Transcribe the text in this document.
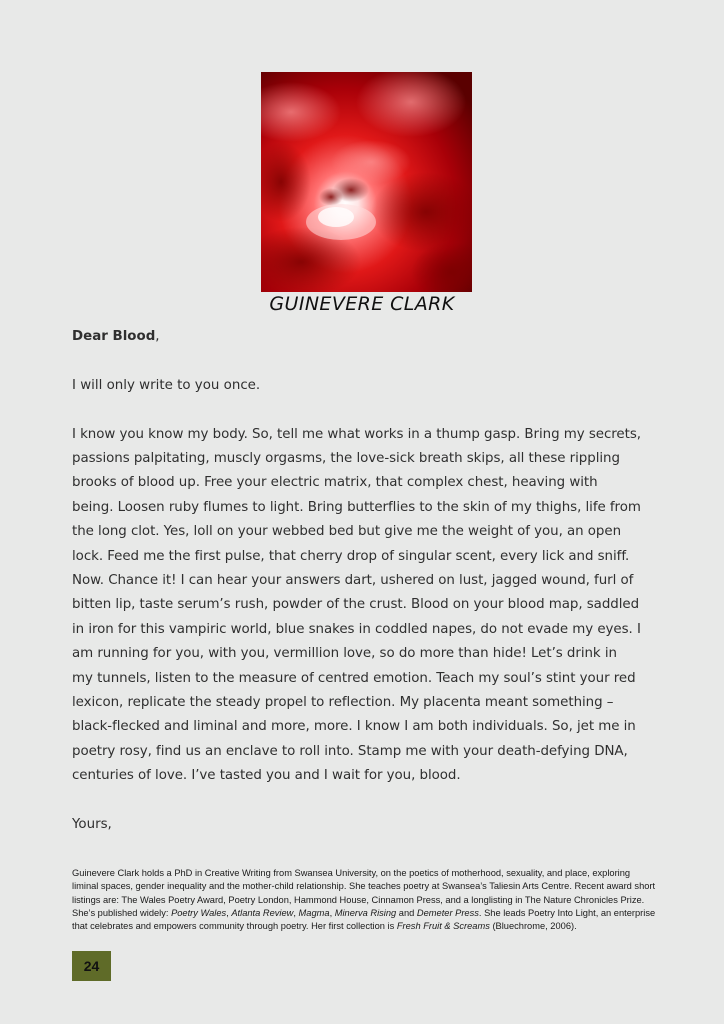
GUINEVERE CLARK

Dear Blood,

I will only write to you once.

I know you know my body. So, tell me what works in a thump gasp. Bring my secrets, passions palpitating, muscly orgasms, the love-sick breath skips, all these rippling brooks of blood up. Free your electric matrix, that complex chest, heaving with being. Loosen ruby flumes to light. Bring butterflies to the skin of my thighs, life from the long clot. Yes, loll on your webbed bed but give me the weight of you, an open lock. Feed me the first pulse, that cherry drop of singular scent, every lick and sniff. Now. Chance it! I can hear your answers dart, ushered on lust, jagged wound, furl of bitten lip, taste serum’s rush, powder of the crust. Blood on your blood map, saddled in iron for this vampiric world, blue snakes in coddled napes, do not evade my eyes. I am running for you, with you, vermillion love, so do more than hide! Let’s drink in my tunnels, listen to the measure of centred emotion. Teach my soul’s stint your red lexicon, replicate the steady propel to reflection. My placenta meant something – black-flecked and liminal and more, more. I know I am both individuals. So, jet me in poetry rosy, find us an enclave to roll into. Stamp me with your death-defying DNA, centuries of love. I’ve tasted you and I wait for you, blood.

Yours,

Guinevere Clark holds a PhD in Creative Writing from Swansea University, on the poetics of motherhood, sexuality, and place, exploring liminal spaces, gender inequality and the mother-child relationship. She teaches poetry at Swansea’s Taliesin Arts Centre. Recent award short listings are: The Wales Poetry Award, Poetry London, Hammond House, Cinnamon Press, and a longlisting in The Nature Chronicles Prize. She’s published widely: Poetry Wales, Atlanta Review, Magma, Minerva Rising and Demeter Press. She leads Poetry Into Light, an enterprise that celebrates and empowers community through poetry. Her first collection is Fresh Fruit & Screams (Bluechrome, 2006).
24
